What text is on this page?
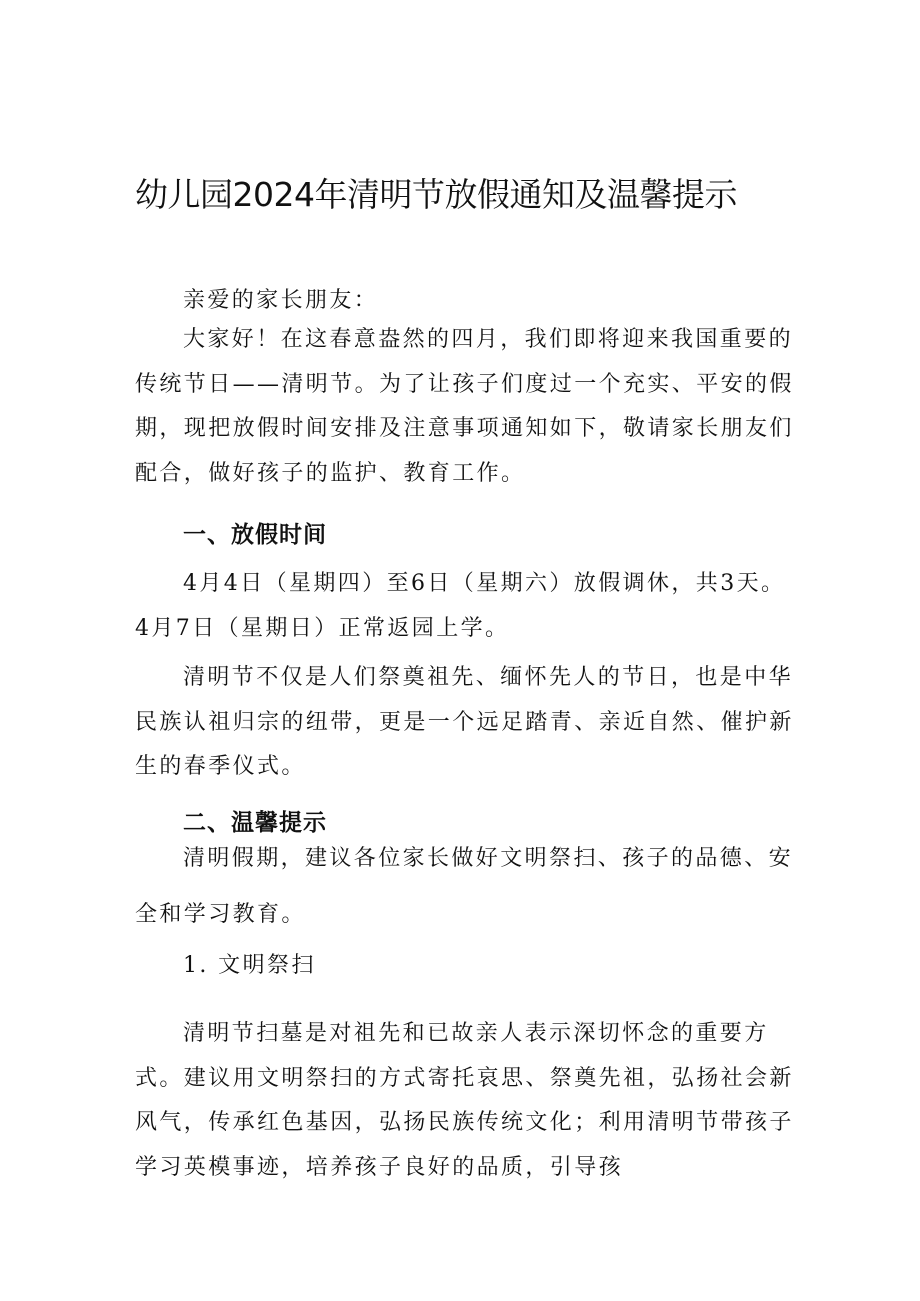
幼儿园2024年清明节放假通知及温馨提示

亲爱的家长朋友：

大家好！在这春意盎然的四月，我们即将迎来我国重要的传统节日——清明节。为了让孩子们度过一个充实、平安的假期，现把放假时间安排及注意事项通知如下，敬请家长朋友们配合，做好孩子的监护、教育工作。

一、放假时间

4月4日（星期四）至6日（星期六）放假调休，共3天。4月7日（星期日）正常返园上学。

清明节不仅是人们祭奠祖先、缅怀先人的节日，也是中华民族认祖归宗的纽带，更是一个远足踏青、亲近自然、催护新生的春季仪式。

二、温馨提示

清明假期，建议各位家长做好文明祭扫、孩子的品德、安全和学习教育。

1. 文明祭扫

清明节扫墓是对祖先和已故亲人表示深切怀念的重要方式。建议用文明祭扫的方式寄托哀思、祭奠先祖，弘扬社会新风气，传承红色基因，弘扬民族传统文化；利用清明节带孩子学习英模事迹，培养孩子良好的品质，引导孩
